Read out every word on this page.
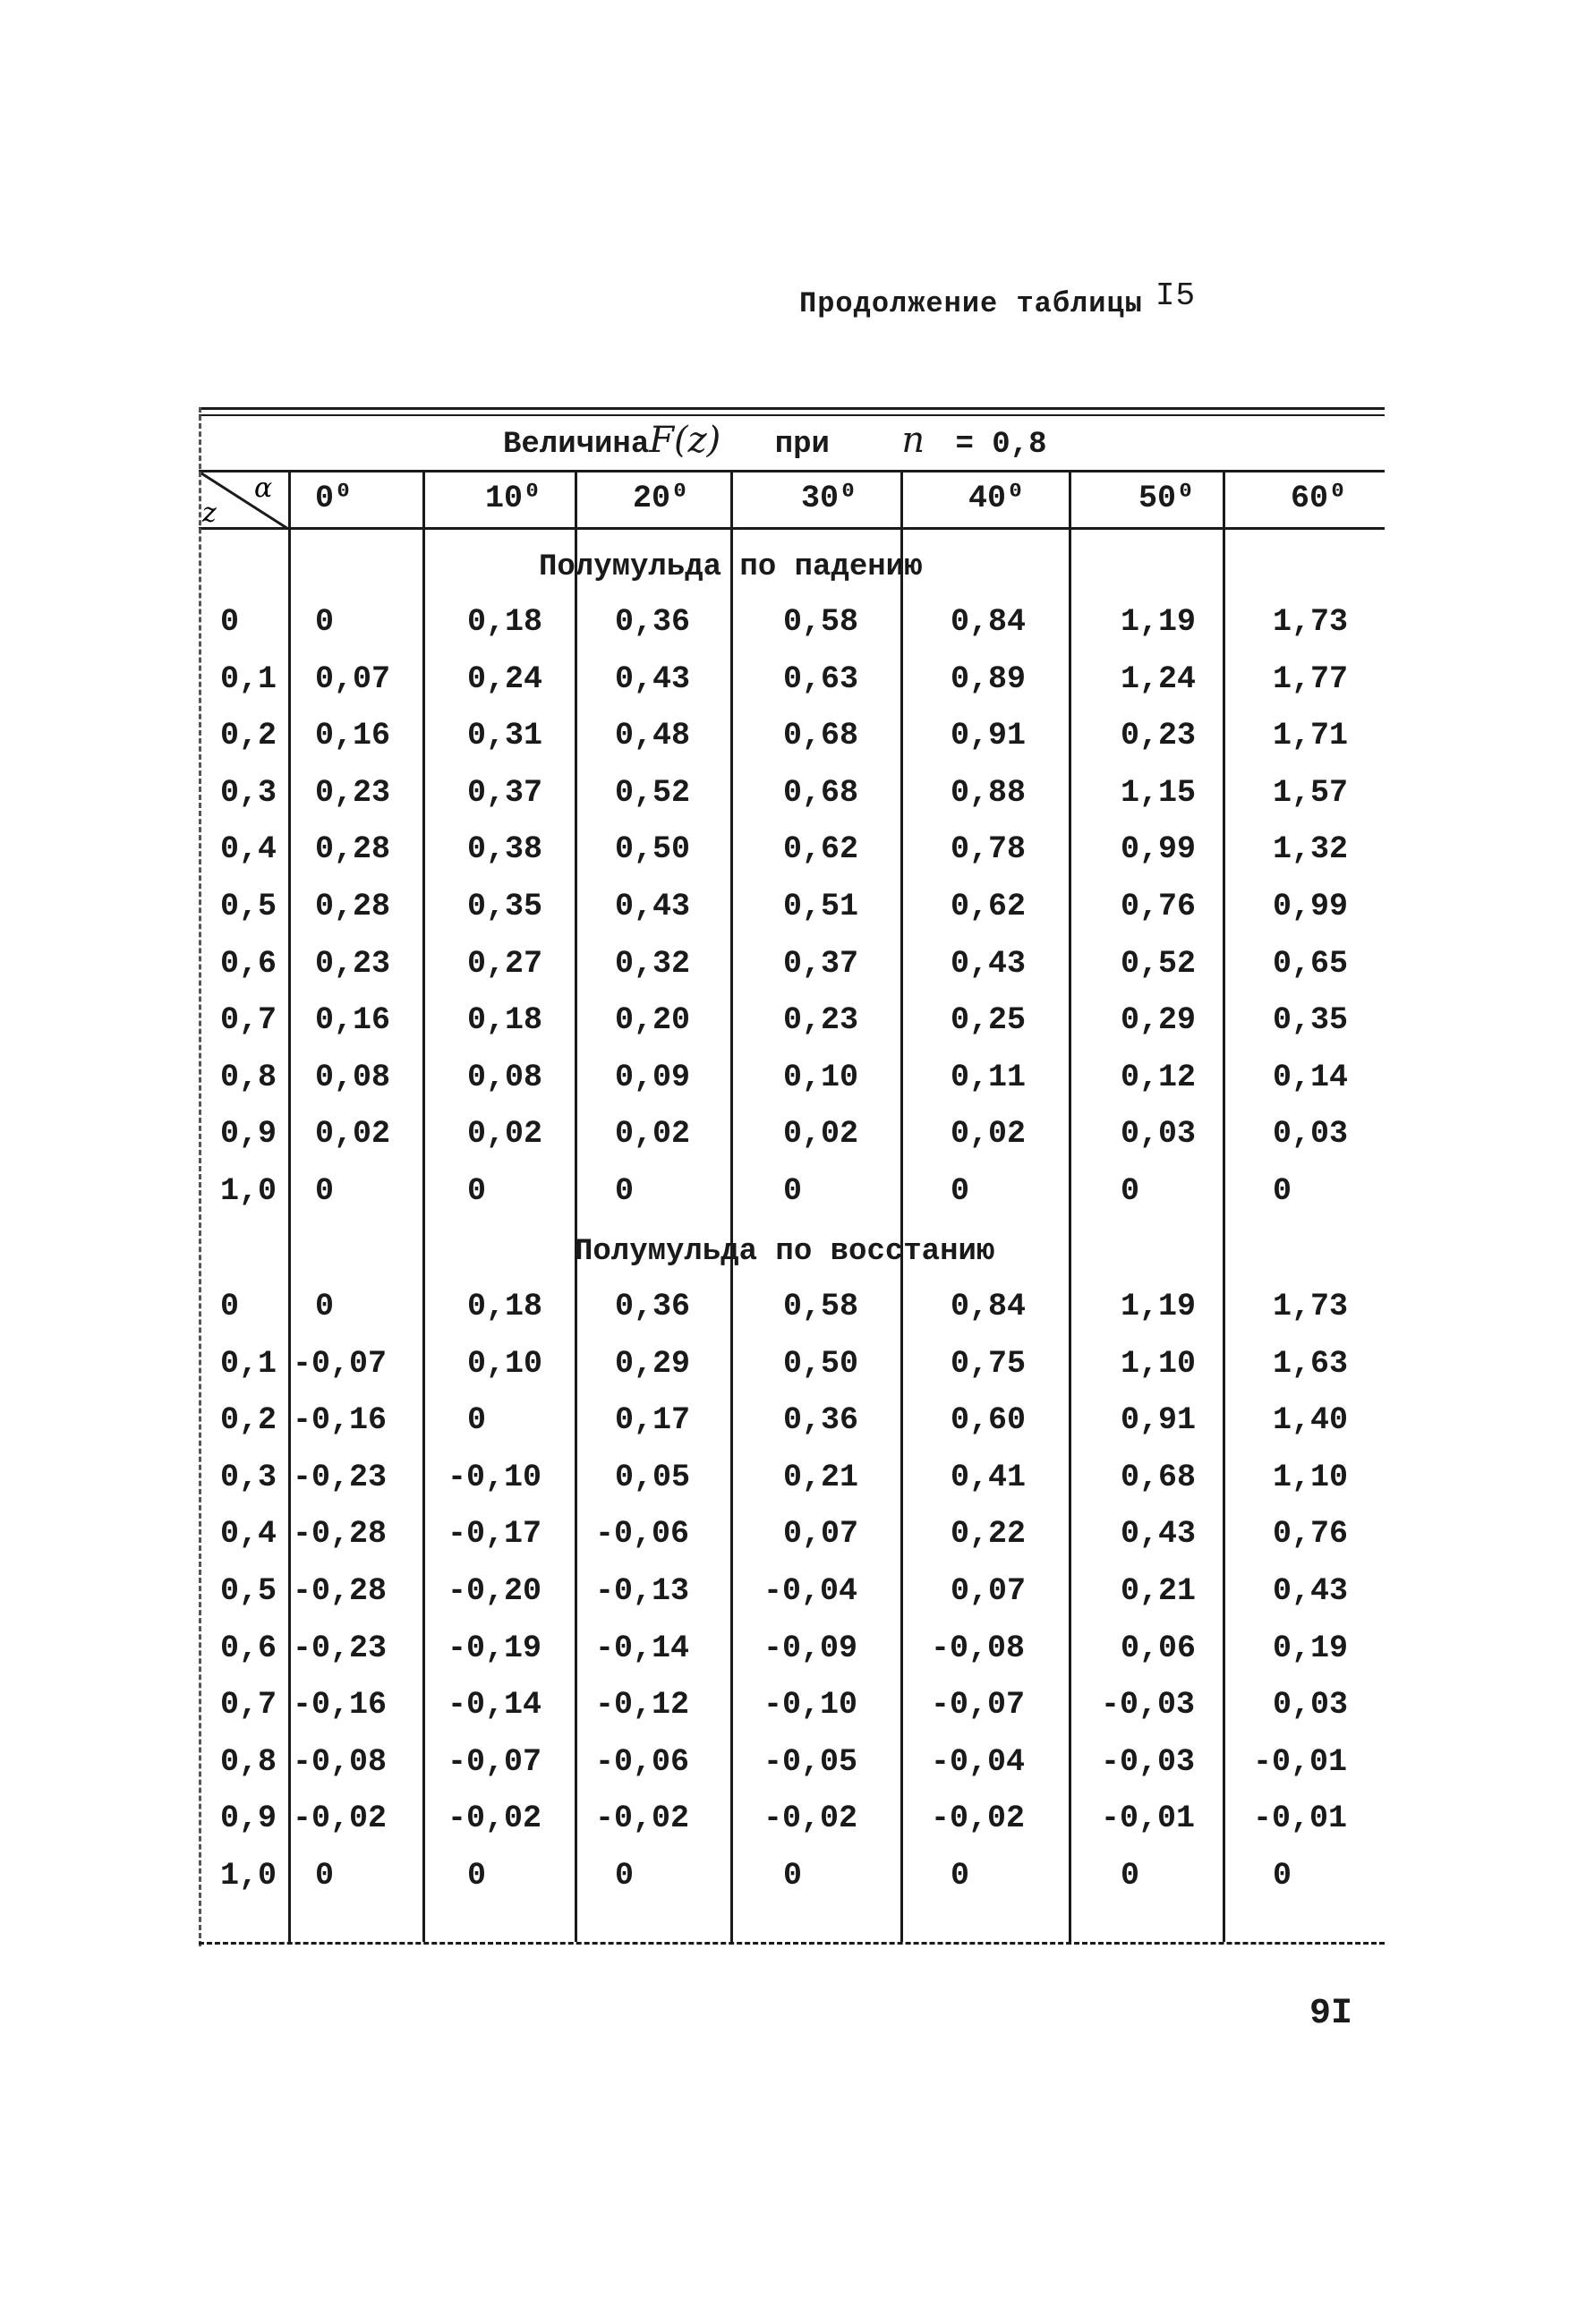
Продолжение таблицы I5
ВеличинаF(z) при n = 0,8
z
α 0⁰	10⁰	20⁰	30⁰	40⁰	50⁰	60⁰
Полумульда по падению
0 0	0,18 0,36	0,58	0,84	1,19 1,73
0,1 0,07 0,24 0,43	0,63	0,89	1,24 1,77
0,2 0,16 0,31 0,48	0,68	0,91	0,23 1,71
0,3 0,23 0,37 0,52	0,68	0,88	1,15 1,57
0,4 0,28 0,38 0,50	0,62	0,78	0,99 1,32
0,5 0,28 0,35 0,43	0,51	0,62	0,76 0,99
0,6 0,23 0,27 0,32	0,37	0,43	0,52 0,65
0,7 0,16 0,18 0,20	0,23	0,25	0,29 0,35
0,8 0,08 0,08 0,09	0,10	0,11	0,12 0,14
0,9 0,02 0,02 0,02	0,02	0,02	0,03 0,03
1,0 0	0	0	0	0	0	0
Полумульда по восстанию
0 0	0,18 0,36	0,58	0,84	1,19 1,73
0,1 -0,07	0,10 0,29	0,50	0,75	1,10 1,63
0,2 -0,16	0	0,17	0,36	0,60	0,91 1,40
0,3 -0,23 -0,10 0,05	0,21	0,41	0,68 1,10
0,4 -0,28 -0,17 -0,06	0,07	0,22	0,43 0,76
0,5 -0,28 -0,20 -0,13 -0,04	0,07	0,21 0,43
0,6 -0,23 -0,19 -0,14 -0,09 -0,08	0,06 0,19
0,7 -0,16 -0,14 -0,12 -0,10 -0,07 -0,03 0,03
0,8 -0,08 -0,07 -0,06 -0,05 -0,04 -0,03 -0,01
0,9 -0,02 -0,02 -0,02 -0,02 -0,02 -0,01 -0,01
1,0 0	0	0	0	0	0	0
9I
